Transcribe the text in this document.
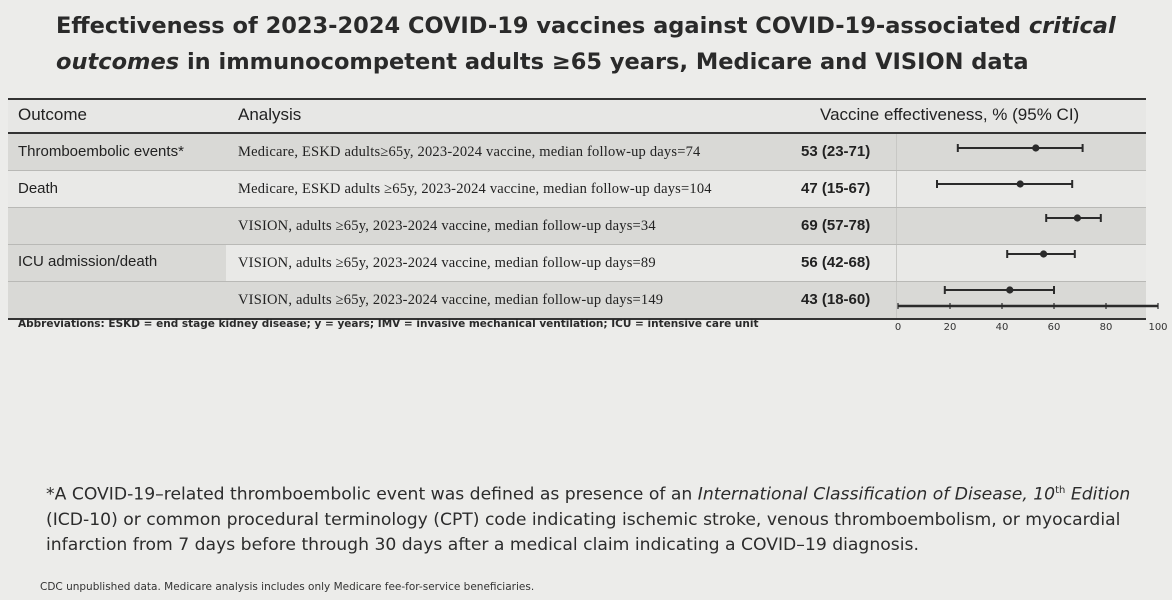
Effectiveness of 2023-2024 COVID-19 vaccines against COVID-19-associated critical outcomes in immunocompetent adults ≥65 years, Medicare and VISION data
Outcome	Analysis	Vaccine effectiveness, % (95% CI)
Thromboembolic events*	Medicare, ESKD adults≥65y, 2023-2024 vaccine, median follow-up days=74	53 (23-71)
Death	Medicare, ESKD adults ≥65y, 2023-2024 vaccine, median follow-up days=104	47 (15-67)
ICU admission/death
VISION, adults ≥65y, 2023-2024 vaccine, median follow-up days=34	69 (57-78)
VISION, adults ≥65y, 2023-2024 vaccine, median follow-up days=89	56 (42-68)
VISION, adults ≥65y, 2023-2024 vaccine, median follow-up days=149	43 (18-60)
Abbreviations: ESKD = end stage kidney disease; y = years; IMV = invasive mechanical ventilation; ICU = intensive care unit	0	20	40	60	80	100
*A COVID-19–related thromboembolic event was defined as presence of an International Classification of Disease, 10th Edition (ICD-10) or common procedural terminology (CPT) code indicating ischemic stroke, venous thromboembolism, or myocardial infarction from 7 days before through 30 days after a medical claim indicating a COVID–19 diagnosis.
CDC unpublished data. Medicare analysis includes only Medicare fee-for-service beneficiaries.
